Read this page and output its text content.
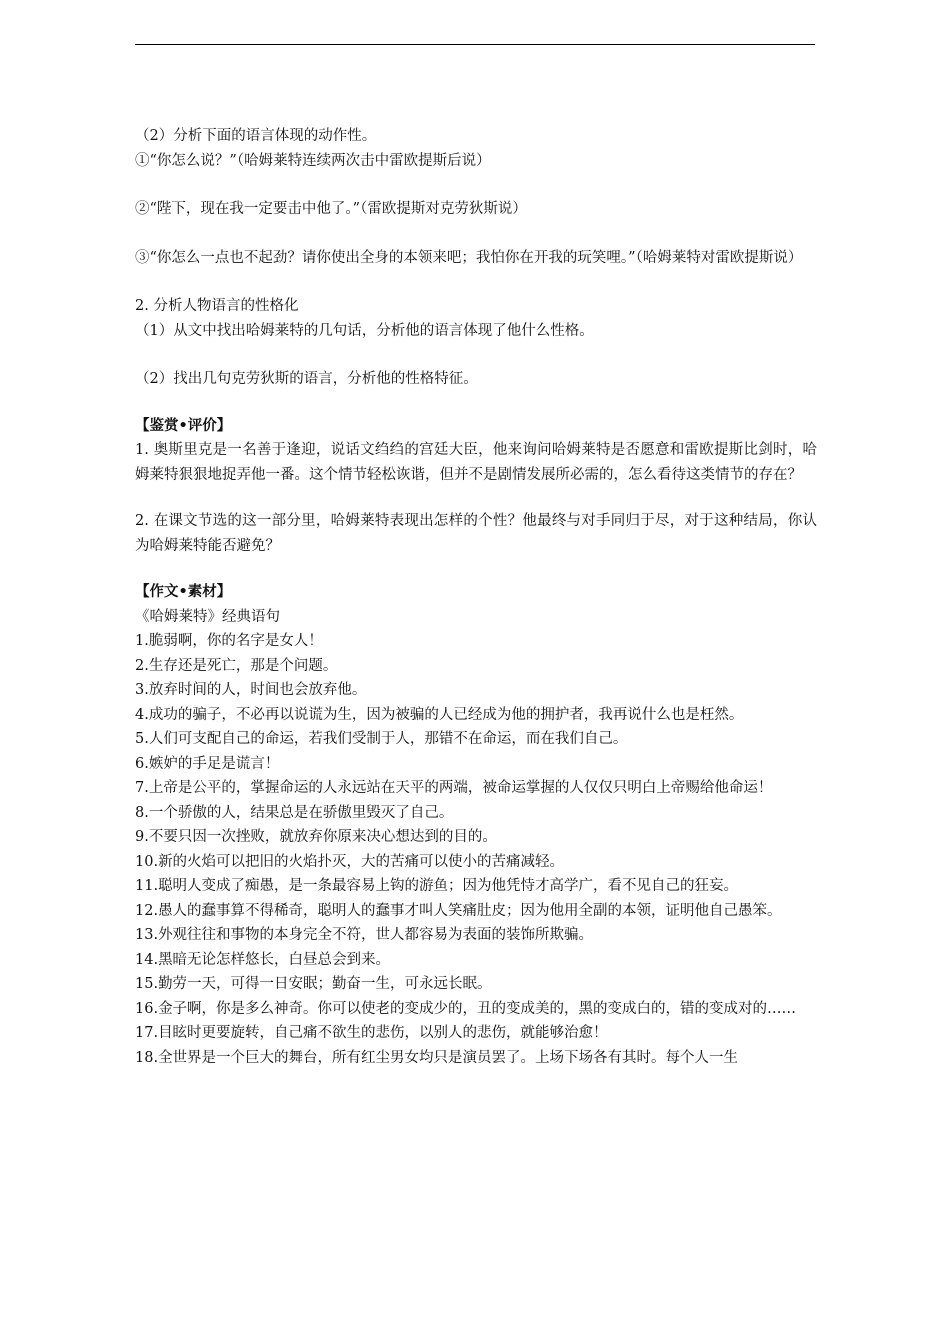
（2）分析下面的语言体现的动作性。
①“你怎么说？”（哈姆莱特连续两次击中雷欧提斯后说）
②“陛下，现在我一定要击中他了。”（雷欧提斯对克劳狄斯说）
③“你怎么一点也不起劲？请你使出全身的本领来吧；我怕你在开我的玩笑哩。”（哈姆莱特对雷欧提斯说）
2. 分析人物语言的性格化
（1）从文中找出哈姆莱特的几句话，分析他的语言体现了他什么性格。
（2）找出几句克劳狄斯的语言，分析他的性格特征。
【鉴赏•评价】
1. 奥斯里克是一名善于逢迎，说话文绉绉的宫廷大臣，他来询问哈姆莱特是否愿意和雷欧提斯比剑时，哈姆莱特狠狠地捉弄他一番。这个情节轻松诙谐，但并不是剧情发展所必需的，怎么看待这类情节的存在？
2. 在课文节选的这一部分里，哈姆莱特表现出怎样的个性？他最终与对手同归于尽，对于这种结局，你认为哈姆莱特能否避免？
【作文•素材】
《哈姆莱特》经典语句
1. 脆弱啊，你的名字是女人！
2. 生存还是死亡，那是个问题。
3. 放弃时间的人，时间也会放弃他。
4. 成功的骗子，不必再以说谎为生，因为被骗的人已经成为他的拥护者，我再说什么也是枉然。
5. 人们可支配自己的命运，若我们受制于人，那错不在命运，而在我们自己。
6. 嫉妒的手足是谎言！
7. 上帝是公平的，掌握命运的人永远站在天平的两端，被命运掌握的人仅仅只明白上帝赐给他命运！
8. 一个骄傲的人，结果总是在骄傲里毁灭了自己。
9. 不要只因一次挫败，就放弃你原来决心想达到的目的。
10. 新的火焰可以把旧的火焰扑灭，大的苦痛可以使小的苦痛减轻。
11. 聪明人变成了痴愚，是一条最容易上钩的游鱼；因为他凭恃才高学广，看不见自己的狂妄。
12. 愚人的蠢事算不得稀奇，聪明人的蠢事才叫人笑痛肚皮；因为他用全副的本领，证明他自己愚笨。
13. 外观往往和事物的本身完全不符，世人都容易为表面的装饰所欺骗。
14. 黑暗无论怎样悠长，白昼总会到来。
15. 勤劳一天，可得一日安眠；勤奋一生，可永远长眠。
16. 金子啊，你是多么神奇。你可以使老的变成少的，丑的变成美的，黑的变成白的，错的变成对的……
17. 目眩时更要旋转，自己痛不欲生的悲伤，以别人的悲伤，就能够治愈！
18. 全世界是一个巨大的舞台，所有红尘男女均只是演员罢了。上场下场各有其时。每个人一生
